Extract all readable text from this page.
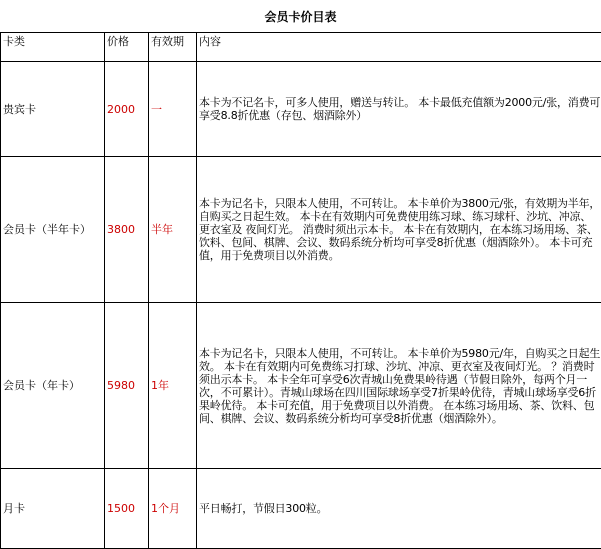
会员卡价目表
卡类	价格	有效期	内容
贵宾卡	2000	一	本卡为不记名卡，可多人使用，赠送与转让。 本卡最低充值额为2000元/张，消费可享受8.8折优惠（存包、烟酒除外）
会员卡（半年卡）	3800	半年	本卡为记名卡，只限本人使用，不可转让。 本卡单价为3800元/张，有效期为半年，自购买之日起生效。 本卡在有效期内可免费使用练习球、练习球杆、沙坑、冲凉、更衣室及 夜间灯光。 消费时须出示本卡。 本卡在有效期内，在本练习场用场、茶、饮料、包间、棋牌、会议、数码系统分析均可享受8折优惠（烟酒除外）。 本卡可充值，用于免费项目以外消费。
会员卡（年卡）	5980	1年	本卡为记名卡，只限本人使用，不可转让。 本卡单价为5980元/年，自购买之日起生效。 本卡在有效期内可免费练习打球、沙坑、冲凉、更衣室及夜间灯光。 ？消费时须出示本卡。 本卡全年可享受6次青城山免费果岭待遇（节假日除外，每两个月一次，不可累计）。青城山球场在四川国际球场享受7折果岭优待，青城山球场享受6折果岭优待。 本卡可充值，用于免费项目以外消费。 在本练习场用场、茶、饮料、包间、棋牌、会议、数码系统分析均可享受8折优惠（烟酒除外）。
月卡	1500	1个月	平日畅打，节假日300粒。
